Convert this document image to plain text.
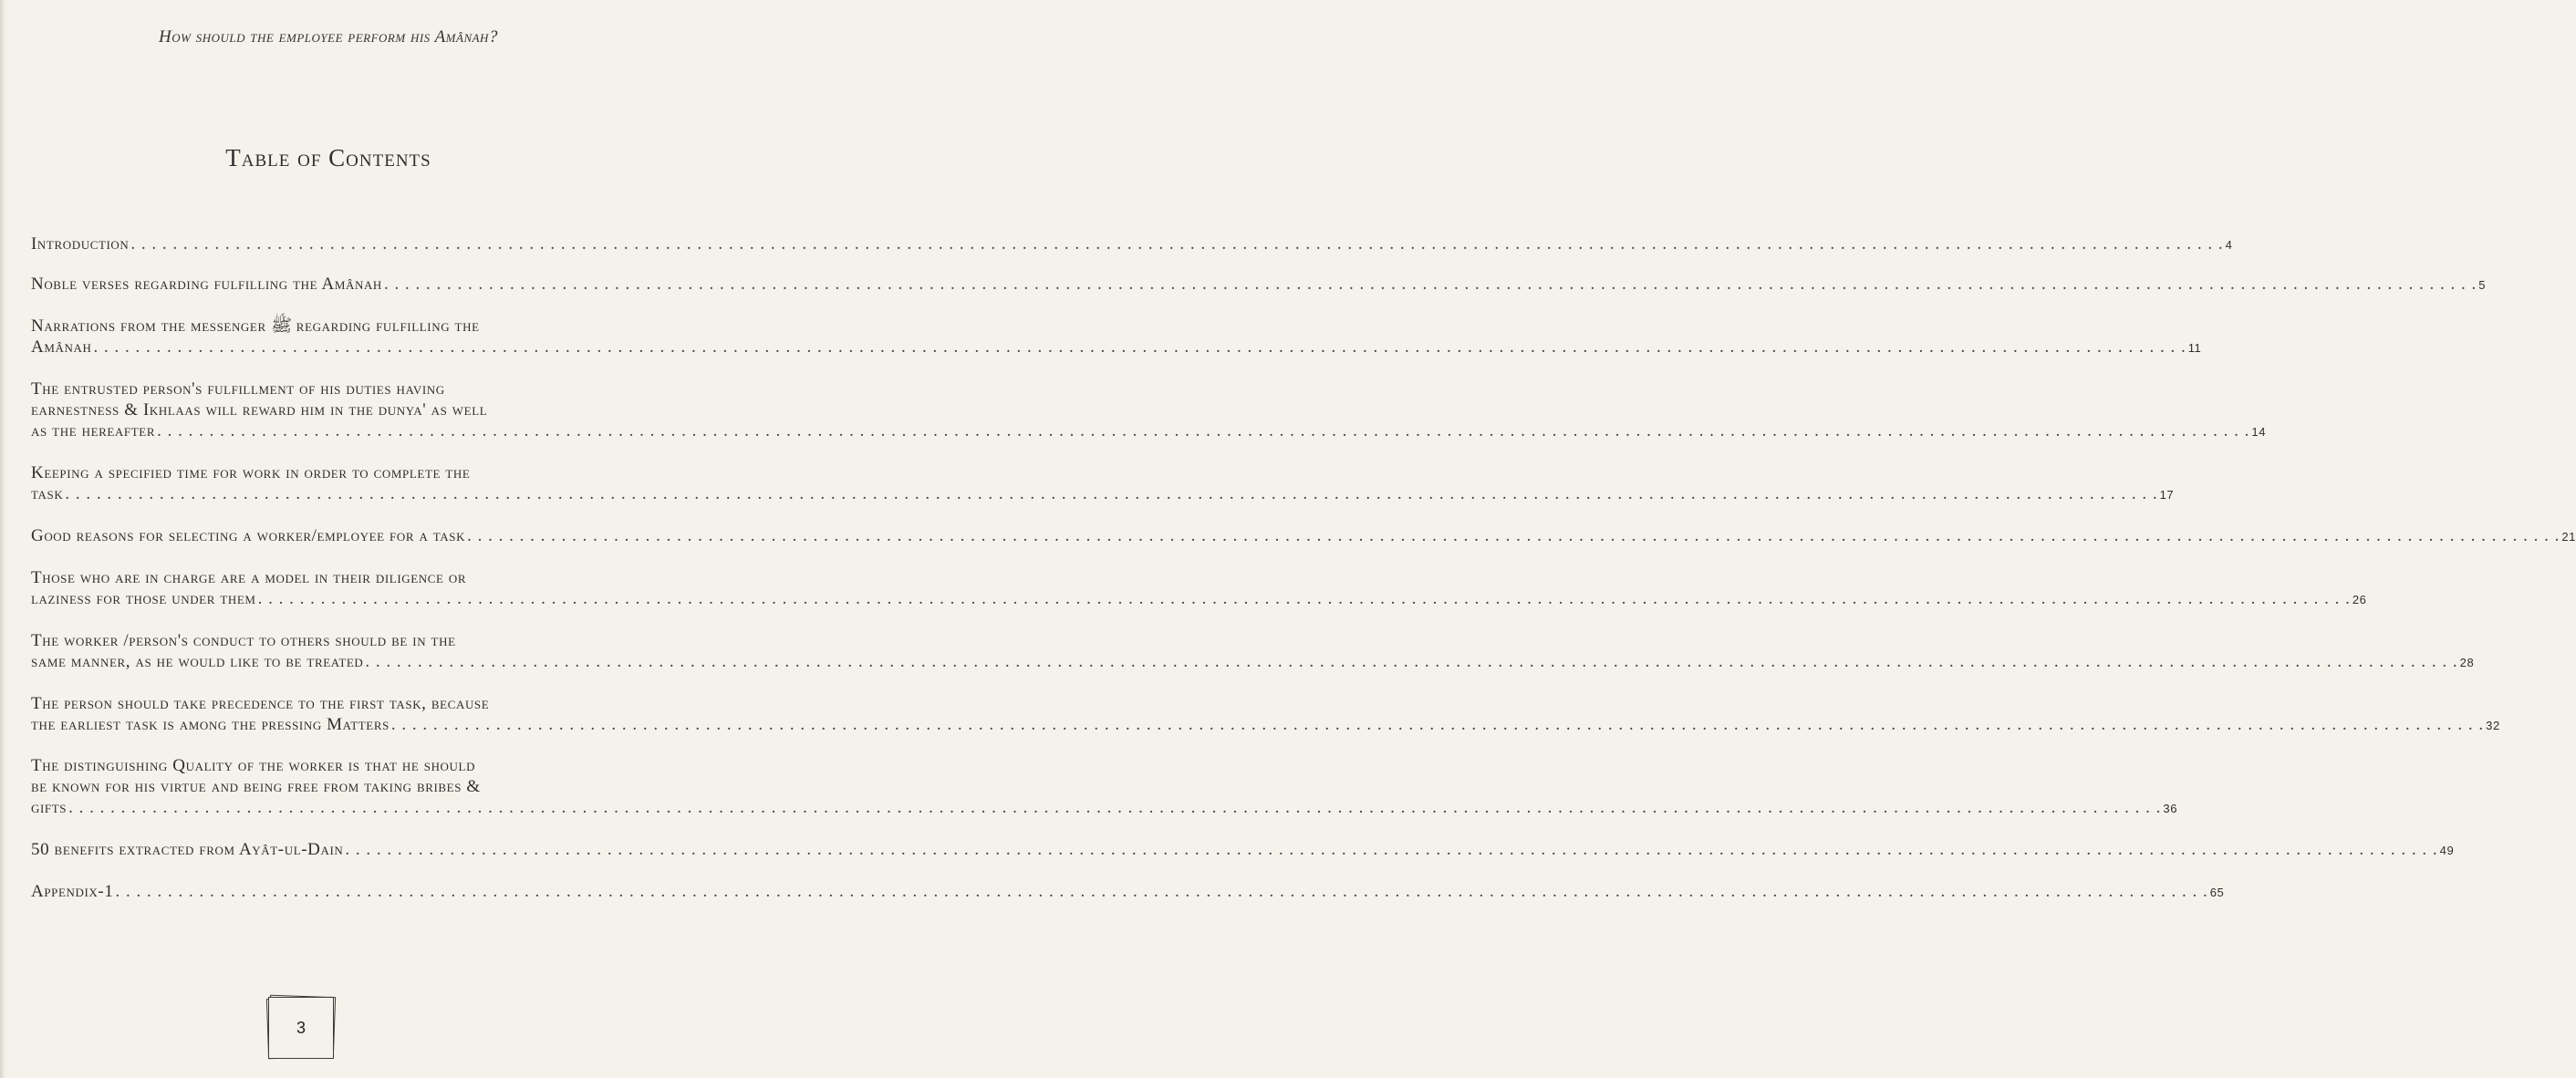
How should the employee perform his Amânah?
Table of Contents
Introduction . . . . . . . . . . . . . . . . . . . . . . . . . . . . . . . . . . . . . . . . . . . . . . . . . . . . . . . . . . . . . . . . . . . . . . . . . . . . . . . . . . . . . . . . . . . . . . . . . . . . . . . . . . . . . . . . . . . . . . . . . . . . . . . . . . . . . . . . . . . . . . . . . . . . . . . . . . . . . . . . . . . . . . . . . . . . . . . . . . . . . . . . . . . . . . . . . . . . . . . . 4
Noble verses regarding fulfilling the Amânah . . . . . . . . . . . . . . . . . . . . . . . . . . . . . . . . . . . . . . . . . . . . . . . . . . . . . . . . . . . . . . . . . . . . . . . . . . . . . . . . . . . . . . . . . . . . . . . . . . . . . . . . . . . . . . . . . . . . . . . . . . . . . . . . . . . . . . . . . . . . . . . . . . . . . . . . . . . . . . . . . . . . . . . . . . . . . . . . . . . . . . . . . . . . . . . . . . . . . . . . 5
Narrations from the messenger ﷺ regarding fulfilling the
Amânah . . . . . . . . . . . . . . . . . . . . . . . . . . . . . . . . . . . . . . . . . . . . . . . . . . . . . . . . . . . . . . . . . . . . . . . . . . . . . . . . . . . . . . . . . . . . . . . . . . . . . . . . . . . . . . . . . . . . . . . . . . . . . . . . . . . . . . . . . . . . . . . . . . . . . . . . . . . . . . . . . . . . . . . . . . . . . . . . . . . . . . . . . . . . . . . . . . . . . . . . 11
The entrusted person's fulfillment of his duties having
earnestness & Ikhlaas will reward him in the dunya' as well
as the hereafter . . . . . . . . . . . . . . . . . . . . . . . . . . . . . . . . . . . . . . . . . . . . . . . . . . . . . . . . . . . . . . . . . . . . . . . . . . . . . . . . . . . . . . . . . . . . . . . . . . . . . . . . . . . . . . . . . . . . . . . . . . . . . . . . . . . . . . . . . . . . . . . . . . . . . . . . . . . . . . . . . . . . . . . . . . . . . . . . . . . . . . . . . . . . . . . . . . . . . . . . 14
Keeping a specified time for work in order to complete the
task . . . . . . . . . . . . . . . . . . . . . . . . . . . . . . . . . . . . . . . . . . . . . . . . . . . . . . . . . . . . . . . . . . . . . . . . . . . . . . . . . . . . . . . . . . . . . . . . . . . . . . . . . . . . . . . . . . . . . . . . . . . . . . . . . . . . . . . . . . . . . . . . . . . . . . . . . . . . . . . . . . . . . . . . . . . . . . . . . . . . . . . . . . . . . . . . . . . . . . . . 17
Good reasons for selecting a worker/employee for a task . . . . . . . . . . . . . . . . . . . . . . . . . . . . . . . . . . . . . . . . . . . . . . . . . . . . . . . . . . . . . . . . . . . . . . . . . . . . . . . . . . . . . . . . . . . . . . . . . . . . . . . . . . . . . . . . . . . . . . . . . . . . . . . . . . . . . . . . . . . . . . . . . . . . . . . . . . . . . . . . . . . . . . . . . . . . . . . . . . . . . . . . . . . . . . . . . . . . . . . . 21
Those who are in charge are a model in their diligence or
laziness for those under them . . . . . . . . . . . . . . . . . . . . . . . . . . . . . . . . . . . . . . . . . . . . . . . . . . . . . . . . . . . . . . . . . . . . . . . . . . . . . . . . . . . . . . . . . . . . . . . . . . . . . . . . . . . . . . . . . . . . . . . . . . . . . . . . . . . . . . . . . . . . . . . . . . . . . . . . . . . . . . . . . . . . . . . . . . . . . . . . . . . . . . . . . . . . . . . . . . . . . . . . 26
The worker /person's conduct to others should be in the
same manner, as he would like to be treated . . . . . . . . . . . . . . . . . . . . . . . . . . . . . . . . . . . . . . . . . . . . . . . . . . . . . . . . . . . . . . . . . . . . . . . . . . . . . . . . . . . . . . . . . . . . . . . . . . . . . . . . . . . . . . . . . . . . . . . . . . . . . . . . . . . . . . . . . . . . . . . . . . . . . . . . . . . . . . . . . . . . . . . . . . . . . . . . . . . . . . . . . . . . . . . . . . . . . . . . 28
The person should take precedence to the first task, because
the earliest task is among the pressing Matters . . . . . . . . . . . . . . . . . . . . . . . . . . . . . . . . . . . . . . . . . . . . . . . . . . . . . . . . . . . . . . . . . . . . . . . . . . . . . . . . . . . . . . . . . . . . . . . . . . . . . . . . . . . . . . . . . . . . . . . . . . . . . . . . . . . . . . . . . . . . . . . . . . . . . . . . . . . . . . . . . . . . . . . . . . . . . . . . . . . . . . . . . . . . . . . . . . . . . . . . 32
The distinguishing Quality of the worker is that he should
be known for his virtue and being free from taking bribes &
gifts . . . . . . . . . . . . . . . . . . . . . . . . . . . . . . . . . . . . . . . . . . . . . . . . . . . . . . . . . . . . . . . . . . . . . . . . . . . . . . . . . . . . . . . . . . . . . . . . . . . . . . . . . . . . . . . . . . . . . . . . . . . . . . . . . . . . . . . . . . . . . . . . . . . . . . . . . . . . . . . . . . . . . . . . . . . . . . . . . . . . . . . . . . . . . . . . . . . . . . . . 36
50 benefits extracted from Ayât-ul-Dain . . . . . . . . . . . . . . . . . . . . . . . . . . . . . . . . . . . . . . . . . . . . . . . . . . . . . . . . . . . . . . . . . . . . . . . . . . . . . . . . . . . . . . . . . . . . . . . . . . . . . . . . . . . . . . . . . . . . . . . . . . . . . . . . . . . . . . . . . . . . . . . . . . . . . . . . . . . . . . . . . . . . . . . . . . . . . . . . . . . . . . . . . . . . . . . . . . . . . . . . 49
Appendix-1 . . . . . . . . . . . . . . . . . . . . . . . . . . . . . . . . . . . . . . . . . . . . . . . . . . . . . . . . . . . . . . . . . . . . . . . . . . . . . . . . . . . . . . . . . . . . . . . . . . . . . . . . . . . . . . . . . . . . . . . . . . . . . . . . . . . . . . . . . . . . . . . . . . . . . . . . . . . . . . . . . . . . . . . . . . . . . . . . . . . . . . . . . . . . . . . . . . . . . . . . 65
3
